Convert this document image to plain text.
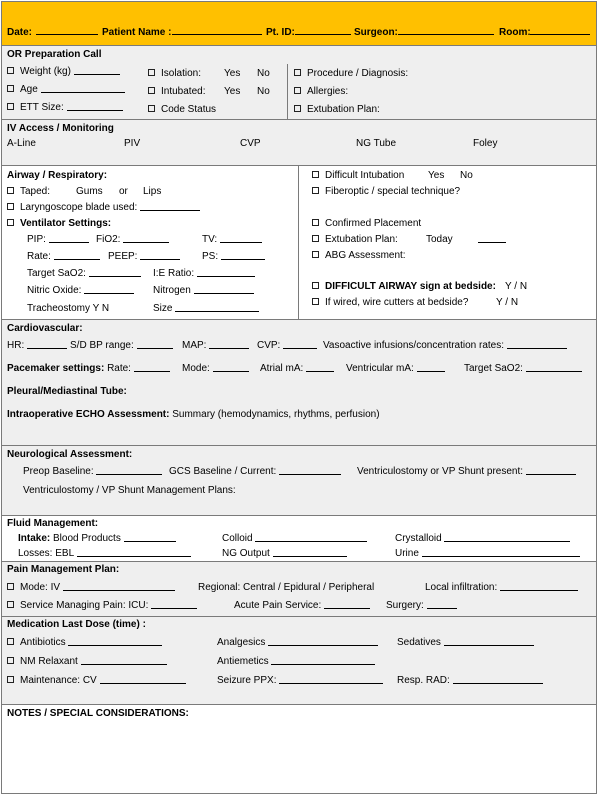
Date:	Patient Name :	Pt. ID:	Surgeon:	Room:
OR Preparation Call
Weight (kg)
Age
ETT Size:
Isolation: Yes No
Intubated: Yes No
Code Status
Procedure / Diagnosis:
Allergies:
Extubation Plan:
IV Access / Monitoring
A-Line	PIV	CVP	NG Tube	Foley
Airway / Respiratory:
Taped:	Gums or Lips
Laryngoscope blade used:
Ventilator Settings:
PIP:	FiO2:	TV:
Rate:	PEEP:	PS:
Target SaO2:	I:E Ratio:
Nitric Oxide:	Nitrogen
Tracheostomy Y N	Size
Difficult Intubation Yes No
Fiberoptic / special technique?
Confirmed Placement
Extubation Plan:	Today
ABG Assessment:
DIFFICULT AIRWAY sign at bedside: Y / N
If wired, wire cutters at bedside?	Y / N
Cardiovascular:
HR:	S/D BP range:	MAP:	CVP:	Vasoactive infusions/concentration rates:
Pacemaker settings: Rate:	Mode:	Atrial mA:	Ventricular mA:	Target SaO2:
Pleural/Mediastinal Tube:
Intraoperative ECHO Assessment: Summary (hemodynamics, rhythms, perfusion)
Neurological Assessment:
Preop Baseline:	GCS Baseline / Current:	Ventriculostomy or VP Shunt present:
Ventriculostomy / VP Shunt Management Plans:
Fluid Management:
Intake: Blood Products	Colloid	Crystalloid
Losses: EBL	NG Output	Urine
Pain Management Plan:
Mode: IV	Regional: Central / Epidural / Peripheral	Local infiltration:
Service Managing Pain: ICU:	Acute Pain Service:	Surgery:
Medication Last Dose (time) :
Antibiotics	Analgesics	Sedatives
NM Relaxant	Antiemetics
Maintenance: CV	Seizure PPX:	Resp. RAD:
NOTES / SPECIAL CONSIDERATIONS:
